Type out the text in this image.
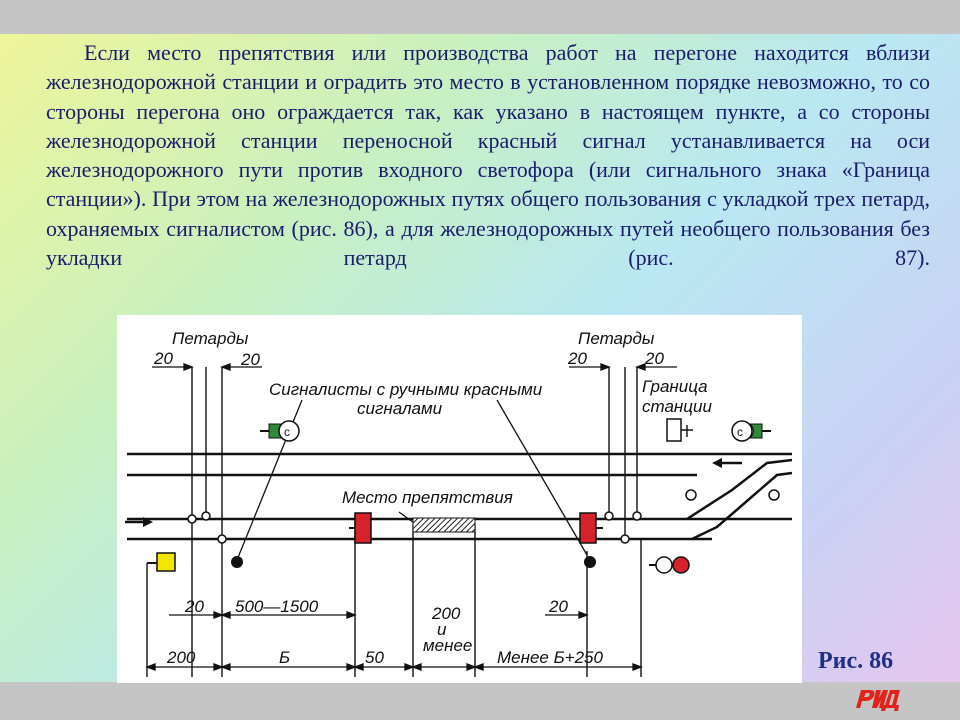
Если место препятствия или производства работ на перегоне находится вблизи железнодорожной станции и оградить это место в установленном порядке невозможно, то со стороны перегона оно ограждается так, как указано в настоящем пункте, а со стороны железнодорожной станции переносной красный сигнал устанавливается на оси железнодорожного пути против входного светофора (или сигнального знака «Граница станции»). При этом на железнодорожных путях общего пользования с укладкой трех петард, охраняемых сигналистом (рис. 86), а для железнодорожных путей необщего пользования без укладки петард (рис. 87).

с	с
Петарды	Петарды
20	20	20	20
20	20
Сигналисты с ручными красными
сигналами
Граница
станции
Место препятствия
500—1500	200
и
менее
200	Б	50	Менее Б+250	Рис. 86
